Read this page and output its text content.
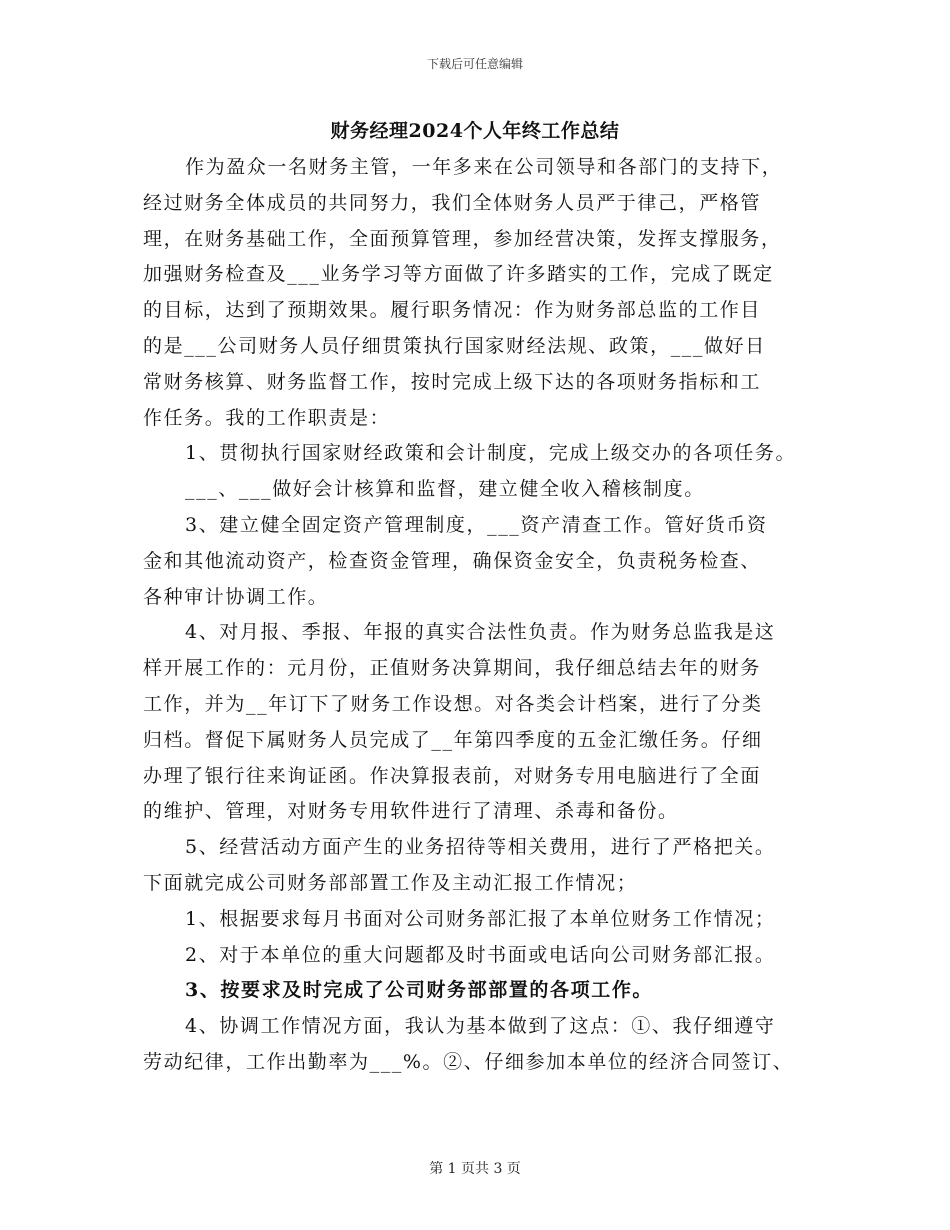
下载后可任意编辑
财务经理2024个人年终工作总结
作为盈众一名财务主管，一年多来在公司领导和各部门的支持下，
经过财务全体成员的共同努力，我们全体财务人员严于律己，严格管
理，在财务基础工作，全面预算管理，参加经营决策，发挥支撑服务，
加强财务检查及___业务学习等方面做了许多踏实的工作，完成了既定
的目标，达到了预期效果。履行职务情况：作为财务部总监的工作目
的是___公司财务人员仔细贯策执行国家财经法规、政策，___做好日
常财务核算、财务监督工作，按时完成上级下达的各项财务指标和工
作任务。我的工作职责是：
1、贯彻执行国家财经政策和会计制度，完成上级交办的各项任务。
___、___做好会计核算和监督，建立健全收入稽核制度。
3、建立健全固定资产管理制度，___资产清查工作。管好货币资
金和其他流动资产，检查资金管理，确保资金安全，负责税务检查、
各种审计协调工作。
4、对月报、季报、年报的真实合法性负责。作为财务总监我是这
样开展工作的：元月份，正值财务决算期间，我仔细总结去年的财务
工作，并为__年订下了财务工作设想。对各类会计档案，进行了分类
归档。督促下属财务人员完成了__年第四季度的五金汇缴任务。仔细
办理了银行往来询证函。作决算报表前，对财务专用电脑进行了全面
的维护、管理，对财务专用软件进行了清理、杀毒和备份。
5、经营活动方面产生的业务招待等相关费用，进行了严格把关。
下面就完成公司财务部部置工作及主动汇报工作情况；
1、根据要求每月书面对公司财务部汇报了本单位财务工作情况；
2、对于本单位的重大问题都及时书面或电话向公司财务部汇报。
3、按要求及时完成了公司财务部部置的各项工作。
4、协调工作情况方面，我认为基本做到了这点：①、我仔细遵守
劳动纪律，工作出勤率为___%。②、仔细参加本单位的经济合同签订、
第 1 页共 3 页
